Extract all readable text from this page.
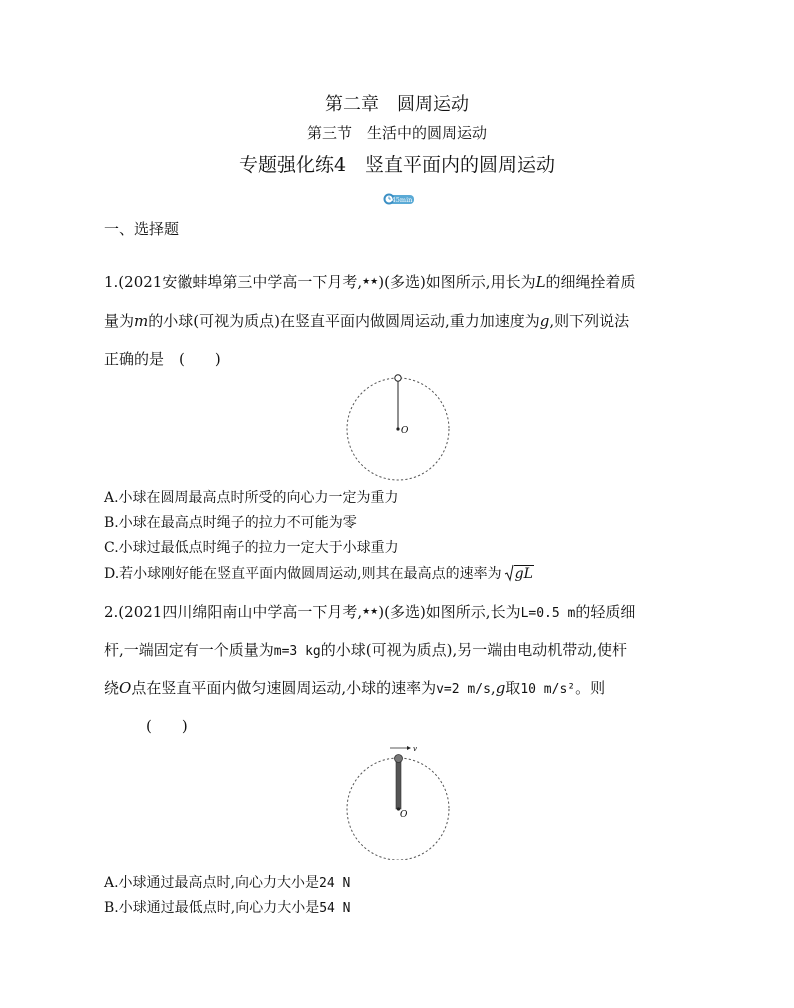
第二章　圆周运动
第三节　生活中的圆周运动
专题强化练4　竖直平面内的圆周运动
45min
一、选择题
1.(2021安徽蚌埠第三中学高一下月考,★★)(多选)如图所示,用长为L的细绳拴着质
量为m的小球(可视为质点)在竖直平面内做圆周运动,重力加速度为g,则下列说法
正确的是　(　　)
O
A.小球在圆周最高点时所受的向心力一定为重力
B.小球在最高点时绳子的拉力不可能为零
C.小球过最低点时绳子的拉力一定大于小球重力
D.若小球刚好能在竖直平面内做圆周运动,则其在最高点的速率为 gL
2.(2021四川绵阳南山中学高一下月考,★★)(多选)如图所示,长为L=0.5 m的轻质细
杆,一端固定有一个质量为m=3 kg的小球(可视为质点),另一端由电动机带动,使杆
绕O点在竖直平面内做匀速圆周运动,小球的速率为v=2 m/s,g取10 m/s²。则
(　　)
v
O
A.小球通过最高点时,向心力大小是24 N
B.小球通过最低点时,向心力大小是54 N
